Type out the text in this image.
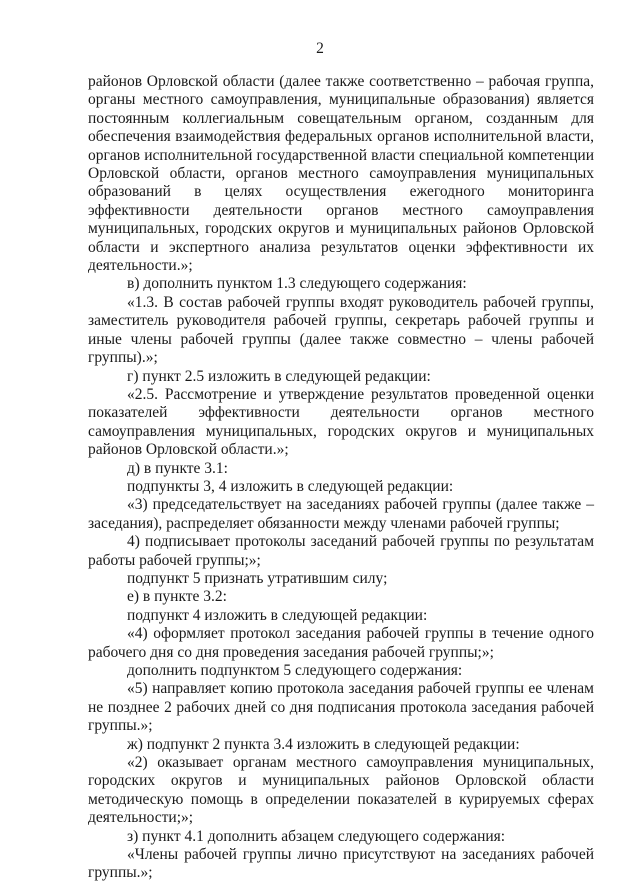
2

районов Орловской области (далее также соответственно – рабочая группа, органы местного самоуправления, муниципальные образования) является постоянным коллегиальным совещательным органом, созданным для обеспечения взаимодействия федеральных органов исполнительной власти, органов исполнительной государственной власти специальной компетенции Орловской области, органов местного самоуправления муниципальных образований в целях осуществления ежегодного мониторинга эффективности деятельности органов местного самоуправления муниципальных, городских округов и муниципальных районов Орловской области и экспертного анализа результатов оценки эффективности их деятельности.»;

в) дополнить пунктом 1.3 следующего содержания:

«1.3. В состав рабочей группы входят руководитель рабочей группы, заместитель руководителя рабочей группы, секретарь рабочей группы и иные члены рабочей группы (далее также совместно – члены рабочей группы).»;

г) пункт 2.5 изложить в следующей редакции:

«2.5. Рассмотрение и утверждение результатов проведенной оценки показателей эффективности деятельности органов местного самоуправления муниципальных, городских округов и муниципальных районов Орловской области.»;

д) в пункте 3.1:

подпункты 3, 4 изложить в следующей редакции:

«3) председательствует на заседаниях рабочей группы (далее также – заседания), распределяет обязанности между членами рабочей группы;

4) подписывает протоколы заседаний рабочей группы по результатам работы рабочей группы;»;

подпункт 5 признать утратившим силу;

е) в пункте 3.2:

подпункт 4 изложить в следующей редакции:

«4) оформляет протокол заседания рабочей группы в течение одного рабочего дня со дня проведения заседания рабочей группы;»;

дополнить подпунктом 5 следующего содержания:

«5) направляет копию протокола заседания рабочей группы ее членам не позднее 2 рабочих дней со дня подписания протокола заседания рабочей группы.»;

ж) подпункт 2 пункта 3.4 изложить в следующей редакции:

«2) оказывает органам местного самоуправления муниципальных, городских округов и муниципальных районов Орловской области методическую помощь в определении показателей в курируемых сферах деятельности;»;

з) пункт 4.1 дополнить абзацем следующего содержания:

«Члены рабочей группы лично присутствуют на заседаниях рабочей группы.»;
